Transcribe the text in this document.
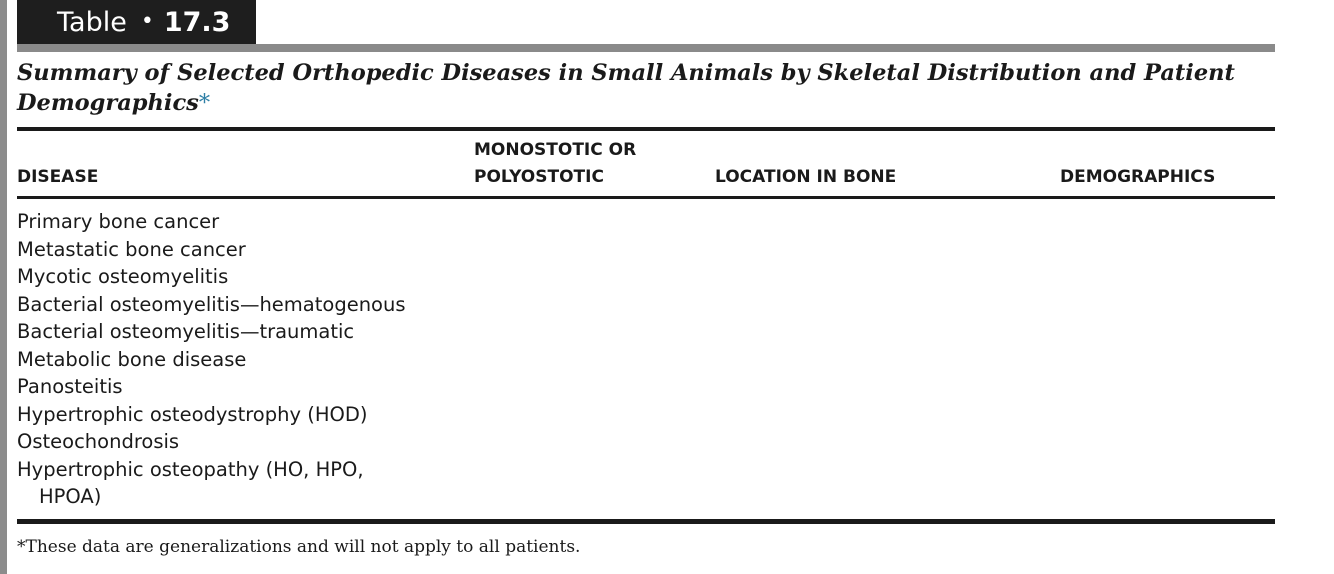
Table • 17.3
Summary of Selected Orthopedic Diseases in Small Animals by Skeletal Distribution and Patient Demographics*
DISEASE
MONOSTOTIC OR
POLYOSTOTIC	LOCATION IN BONE	DEMOGRAPHICS
Primary bone cancer
Metastatic bone cancer
Mycotic osteomyelitis
Bacterial osteomyelitis—hematogenous
Bacterial osteomyelitis—traumatic
Metabolic bone disease
Panosteitis
Hypertrophic osteodystrophy (HOD)
Osteochondrosis
Hypertrophic osteopathy (HO, HPO, HPOA)
*These data are generalizations and will not apply to all patients.
